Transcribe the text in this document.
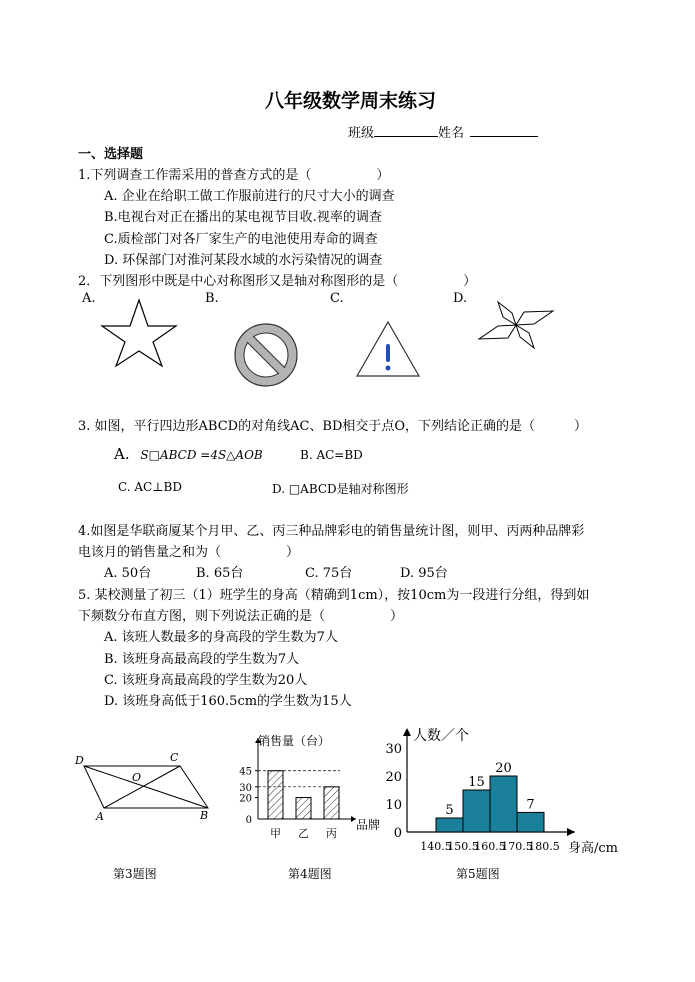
八年级数学周末练习
班级	姓名
一、选择题
1.下列调查工作需采用的普查方式的是（　　　　　）
A. 企业在给职工做工作服前进行的尺寸大小的调查
B.电视台对正在播出的某电视节目收.视率的调查
C.质检部门对各厂家生产的电池使用寿命的调查
D. 环保部门对淮河某段水域的水污染情况的调查
2．下列图形中既是中心对称图形又是轴对称图形的是（　　　　　）
A.	B.	C.	D.
3. 如图，平行四边形ABCD的对角线AC、BD相交于点O，下列结论正确的是（　　　）
A. S□ABCD =4S△AOB	B. AC=BD
C. AC⊥BD	D. □ABCD是轴对称图形
4.如图是华联商厦某个月甲、乙、丙三种品牌彩电的销售量统计图，则甲、丙两种品牌彩
电该月的销售量之和为（　　　　　）
A. 50台	B. 65台	C. 75台	D. 95台
5. 某校测量了初三（1）班学生的身高（精确到1cm），按10cm为一段进行分组，得到如
下频数分布直方图，则下列说法正确的是（　　　　　）
A. 该班人数最多的身高段的学生数为7人
B. 该班身高最高段的学生数为7人
C. 该班身高最高段的学生数为20人
D. 该班身高低于160.5cm的学生数为15人
D	C
O
A	B
销售量（台）
品牌
0
20
30
45
甲 乙 丙
人数／个
身高/cm
0
10
20
30
5
15
20
7
140.5
150.5
160.5
170.5
180.5
第3题图	第4题图	第5题图
